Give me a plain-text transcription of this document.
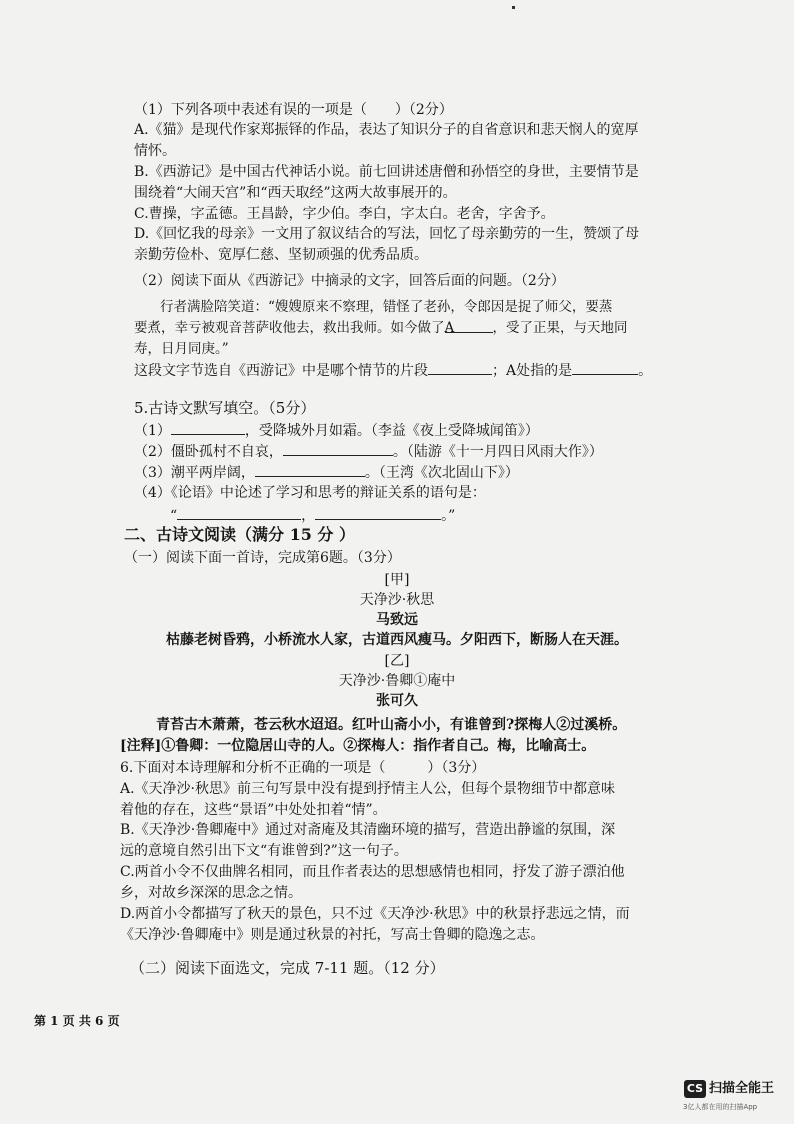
（1）下列各项中表述有误的一项是（　　）（2分）
A.《猫》是现代作家郑振铎的作品，表达了知识分子的自省意识和悲天悯人的宽厚
情怀。
B.《西游记》是中国古代神话小说。前七回讲述唐僧和孙悟空的身世，主要情节是
围绕着“大闹天宫”和“西天取经”这两大故事展开的。
C.曹操，字孟德。王昌龄，字少伯。李白，字太白。老舍，字舍予。
D.《回忆我的母亲》一文用了叙议结合的写法，回忆了母亲勤劳的一生，赞颂了母
亲勤劳俭朴、宽厚仁慈、坚韧顽强的优秀品质。
（2）阅读下面从《西游记》中摘录的文字，回答后面的问题。（2分）
行者满脸陪笑道：“嫂嫂原来不察理，错怪了老孙，令郎因是捉了师父，要蒸
要煮，幸亏被观音菩萨收他去，救出我师。如今做了A	，受了正果，与天地同
寿，日月同庚。”
这段文字节选自《西游记》中是哪个情节的片段	；A处指的是	。
5.古诗文默写填空。（5分）
（1）	，受降城外月如霜。（李益《夜上受降城闻笛》）
（2）僵卧孤村不自哀，	。（陆游《十一月四日风雨大作》）
（3）潮平两岸阔，	。（王湾《次北固山下》）
（4）《论语》中论述了学习和思考的辩证关系的语句是：
“	，	。”
二、古诗文阅读（满分 15 分 ）
（一）阅读下面一首诗，完成第6题。（3分）
[甲]
天净沙·秋思
马致远
枯藤老树昏鸦，小桥流水人家，古道西风瘦马。夕阳西下，断肠人在天涯。
[乙]
天净沙·鲁卿①庵中
张可久
青苔古木萧萧，苍云秋水迢迢。红叶山斋小小，有谁曾到?探梅人②过溪桥。
[注释]①鲁卿：一位隐居山寺的人。②探梅人：指作者自己。梅，比喻高士。
6.下面对本诗理解和分析不正确的一项是（　　　）（3分）
A.《天净沙·秋思》前三句写景中没有提到抒情主人公，但每个景物细节中都意味
着他的存在，这些“景语”中处处扣着“情”。
B.《天净沙·鲁卿庵中》通过对斋庵及其清幽环境的描写，营造出静谧的氛围，深
远的意境自然引出下文“有谁曾到?”这一句子。
C.两首小令不仅曲牌名相同，而且作者表达的思想感情也相同，抒发了游子漂泊他
乡，对故乡深深的思念之情。
D.两首小令都描写了秋天的景色，只不过《天净沙·秋思》中的秋景抒悲远之情，而
《天净沙·鲁卿庵中》则是通过秋景的衬托，写高士鲁卿的隐逸之志。
（二）阅读下面选文，完成 7-11 题。（12 分）
第 1 页 共 6 页
CS 扫描全能王
3亿人都在用的扫描App
